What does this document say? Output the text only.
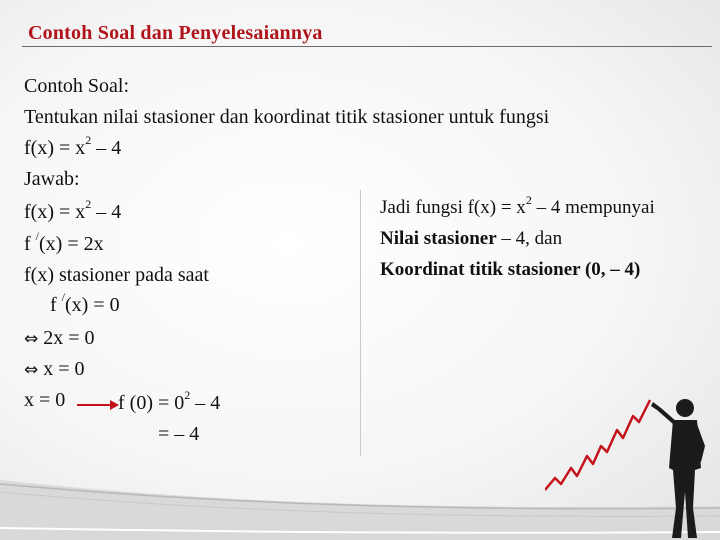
Contoh Soal dan Penyelesaiannya
Contoh Soal:
Tentukan nilai stasioner dan koordinat titik stasioner untuk fungsi
$f(x) = x^2 - 4$
Jawab:
$f(x) = x^2 - 4$
f /(x) = 2x
f(x) stasioner pada saat
f /(x) = 0
⇔ 2x = 0
⇔ x = 0
x = 0	f $(0) = 0^2 - 4$
= – 4
Jadi fungsi $f(x) = x^2 - 4$ mempunyai
Nilai stasioner – 4, dan
Koordinat titik stasioner (0, – 4)
